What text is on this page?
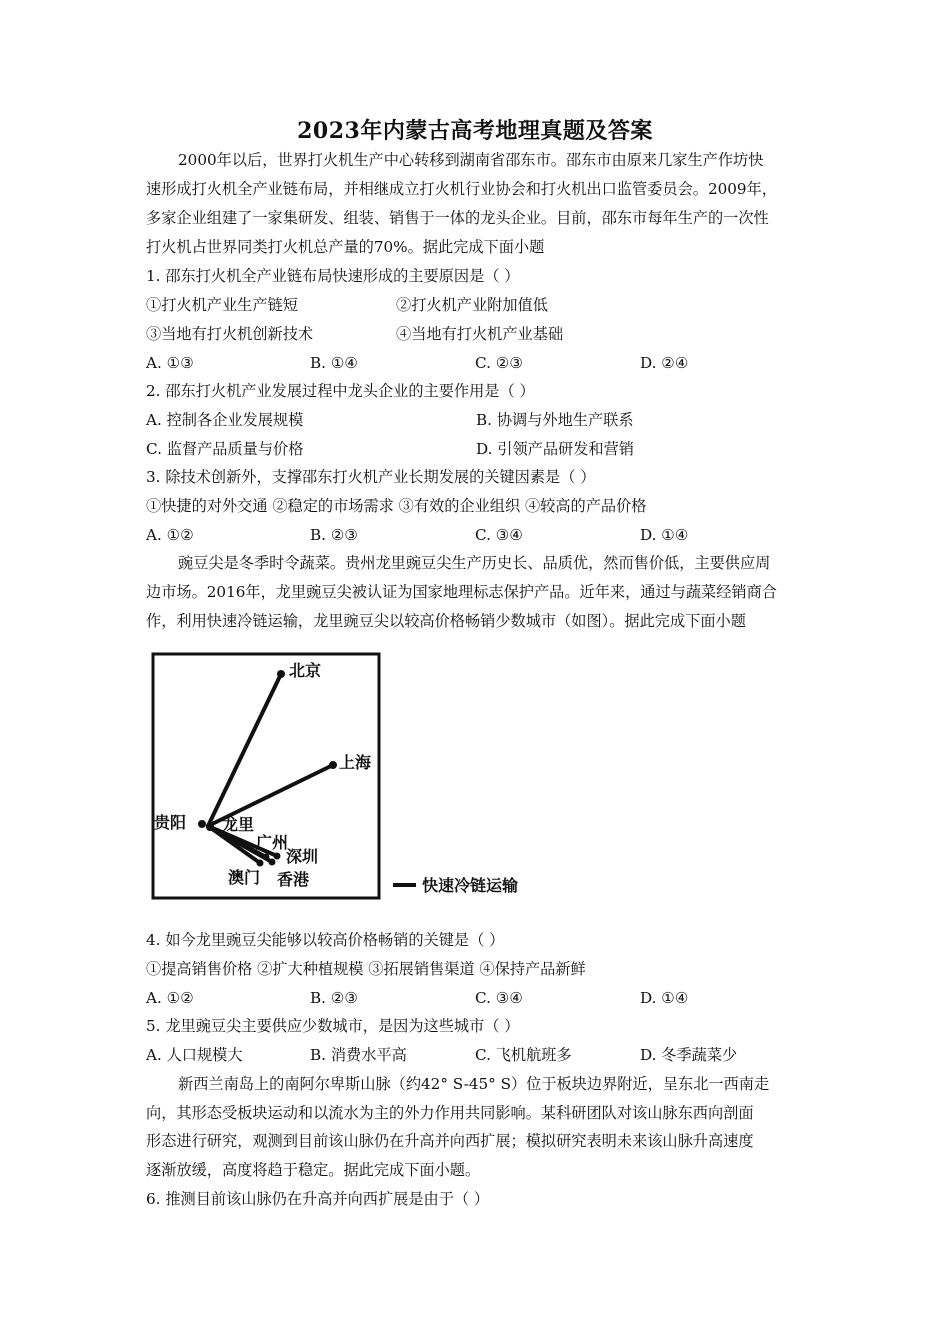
2023年内蒙古高考地理真题及答案
2000年以后，世界打火机生产中心转移到湖南省邵东市。邵东市由原来几家生产作坊快
速形成打火机全产业链布局，并相继成立打火机行业协会和打火机出口监管委员会。2009年，
多家企业组建了一家集研发、组装、销售于一体的龙头企业。目前，邵东市每年生产的一次性
打火机占世界同类打火机总产量的70%。据此完成下面小题
1. 邵东打火机全产业链布局快速形成的主要原因是（ ）
①打火机产业生产链短	②打火机产业附加值低
③当地有打火机创新技术	④当地有打火机产业基础
A. ①③	B. ①④	C. ②③	D. ②④
2. 邵东打火机产业发展过程中龙头企业的主要作用是（ ）
A. 控制各企业发展规模	B. 协调与外地生产联系
C. 监督产品质量与价格	D. 引领产品研发和营销
3. 除技术创新外，支撑邵东打火机产业长期发展的关键因素是（ ）
①快捷的对外交通 ②稳定的市场需求 ③有效的企业组织 ④较高的产品价格
A. ①②	B. ②③	C. ③④	D. ①④
豌豆尖是冬季时令蔬菜。贵州龙里豌豆尖生产历史长、品质优，然而售价低，主要供应周
边市场。2016年，龙里豌豆尖被认证为国家地理标志保护产品。近年来，通过与蔬菜经销商合
作，利用快速冷链运输，龙里豌豆尖以较高价格畅销少数城市（如图）。据此完成下面小题
北京
上海
贵阳 龙里
广州
深圳
澳门 香港	快速冷链运输
4. 如今龙里豌豆尖能够以较高价格畅销的关键是（ ）
①提高销售价格 ②扩大种植规模 ③拓展销售渠道 ④保持产品新鲜
A. ①②	B. ②③	C. ③④	D. ①④
5. 龙里豌豆尖主要供应少数城市，是因为这些城市（ ）
A. 人口规模大	B. 消费水平高	C. 飞机航班多	D. 冬季蔬菜少
新西兰南岛上的南阿尔卑斯山脉（约42° S-45° S）位于板块边界附近，呈东北一西南走
向，其形态受板块运动和以流水为主的外力作用共同影响。某科研团队对该山脉东西向剖面
形态进行研究，观测到目前该山脉仍在升高并向西扩展；模拟研究表明未来该山脉升高速度
逐渐放缓，高度将趋于稳定。据此完成下面小题。
6. 推测目前该山脉仍在升高并向西扩展是由于（ ）
